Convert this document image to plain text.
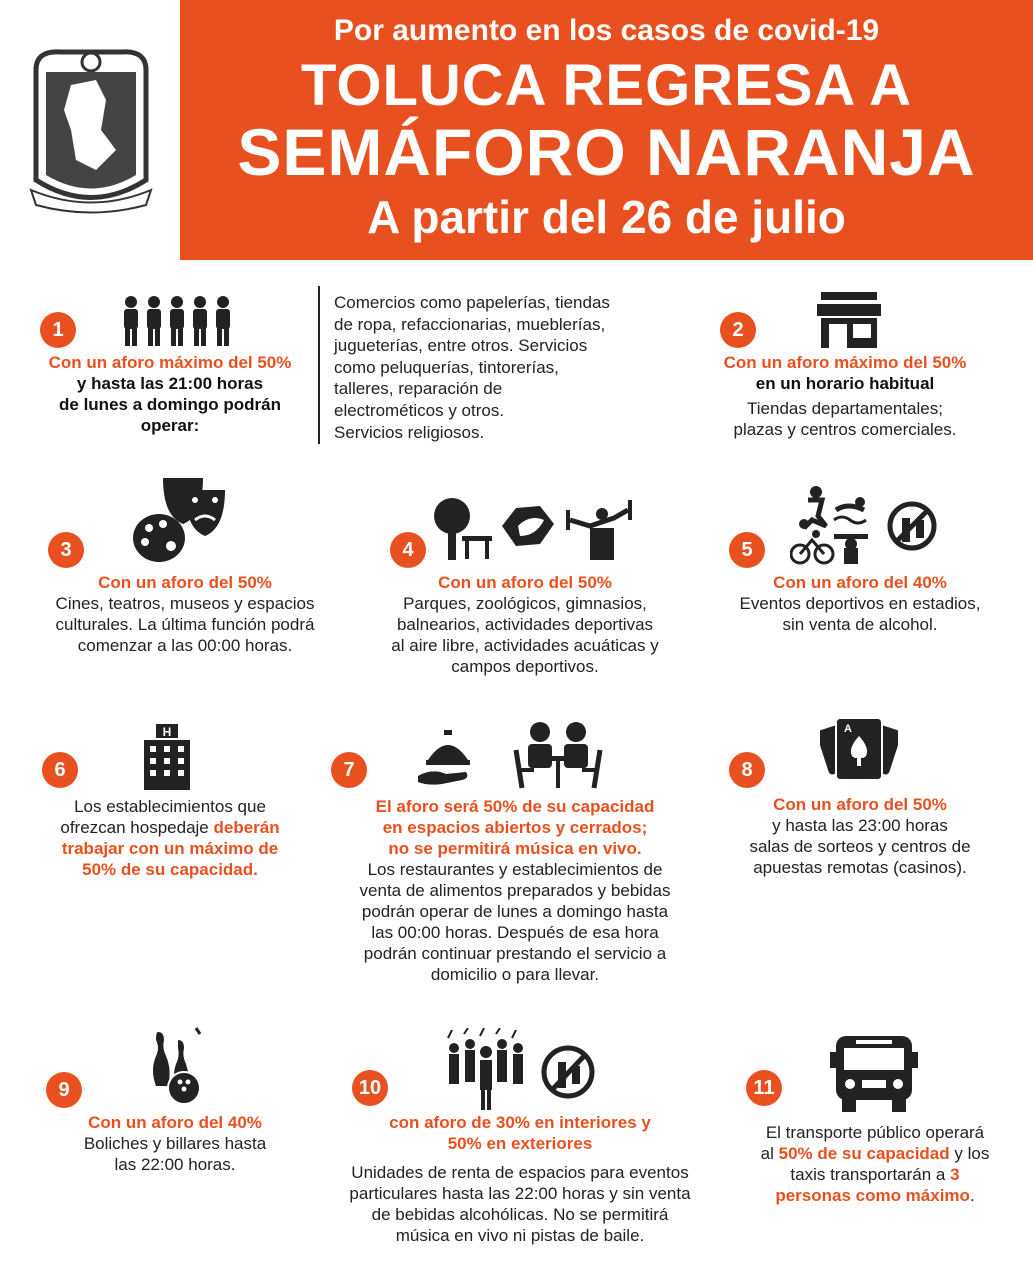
Por aumento en los casos de covid-19
TOLUCA REGRESA A
SEMÁFORO NARANJA
A partir del 26 de julio
1
Con un aforo máximo del 50%
y hasta las 21:00 horas
de lunes a domingo podrán
operar:
Comercios como papelerías, tiendas
de ropa, refaccionarias, mueblerías,
jugueterías, entre otros. Servicios
como peluquerías, tintorerías,
talleres, reparación de
electrométicos y otros.
Servicios religiosos.
2
Con un aforo máximo del 50%
en un horario habitual
Tiendas departamentales;
plazas y centros comerciales.
3
Con un aforo del 50%
Cines, teatros, museos y espacios
culturales. La última función podrá
comenzar a las 00:00 horas.
4
Con un aforo del 50%
Parques, zoológicos, gimnasios,
balnearios, actividades deportivas
al aire libre, actividades acuáticas y
campos deportivos.
5
Con un aforo del 40%
Eventos deportivos en estadios,
sin venta de alcohol.
6
H
Los establecimientos que
ofrezcan hospedaje deberán
trabajar con un máximo de
50% de su capacidad.
7
El aforo será 50% de su capacidad
en espacios abiertos y cerrados;
no se permitirá música en vivo.
Los restaurantes y establecimientos de
venta de alimentos preparados y bebidas
podrán operar de lunes a domingo hasta
las 00:00 horas. Después de esa hora
podrán continuar prestando el servicio a
domicilio o para llevar.
8
A
Con un aforo del 50%
y hasta las 23:00 horas
salas de sorteos y centros de
apuestas remotas (casinos).
9
Con un aforo del 40%
Boliches y billares hasta
las 22:00 horas.
10
con aforo de 30% en interiores y
50% en exteriores
Unidades de renta de espacios para eventos
particulares hasta las 22:00 horas y sin venta
de bebidas alcohólicas. No se permitirá
música en vivo ni pistas de baile.
11
El transporte público operará
al 50% de su capacidad y los
taxis transportarán a 3
personas como máximo.
